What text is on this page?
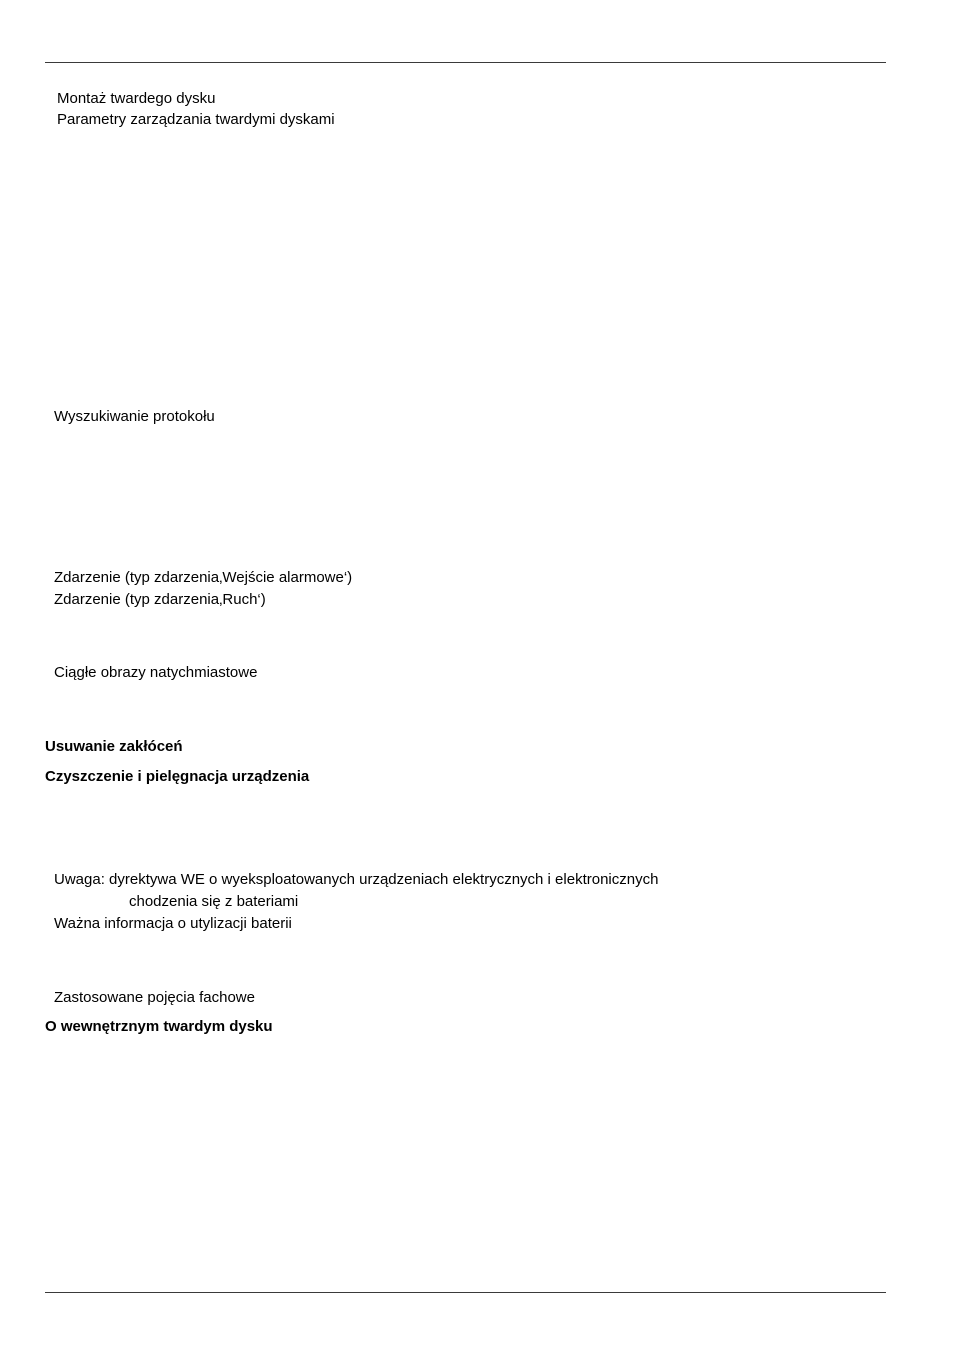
Montaż twardego dysku
Parametry zarządzania twardymi dyskami
Wyszukiwanie protokołu
Zdarzenie (typ zdarzenia‚Wejście alarmowe‘)
Zdarzenie (typ zdarzenia‚Ruch‘)
Ciągłe obrazy natychmiastowe
Usuwanie zakłóceń
Czyszczenie i pielęgnacja urządzenia
Uwaga: dyrektywa WE o wyeksploatowanych urządzeniach elektrycznych i elektronicznych
chodzenia się z bateriami
Ważna informacja o utylizacji baterii
Zastosowane pojęcia fachowe
O wewnętrznym twardym dysku
